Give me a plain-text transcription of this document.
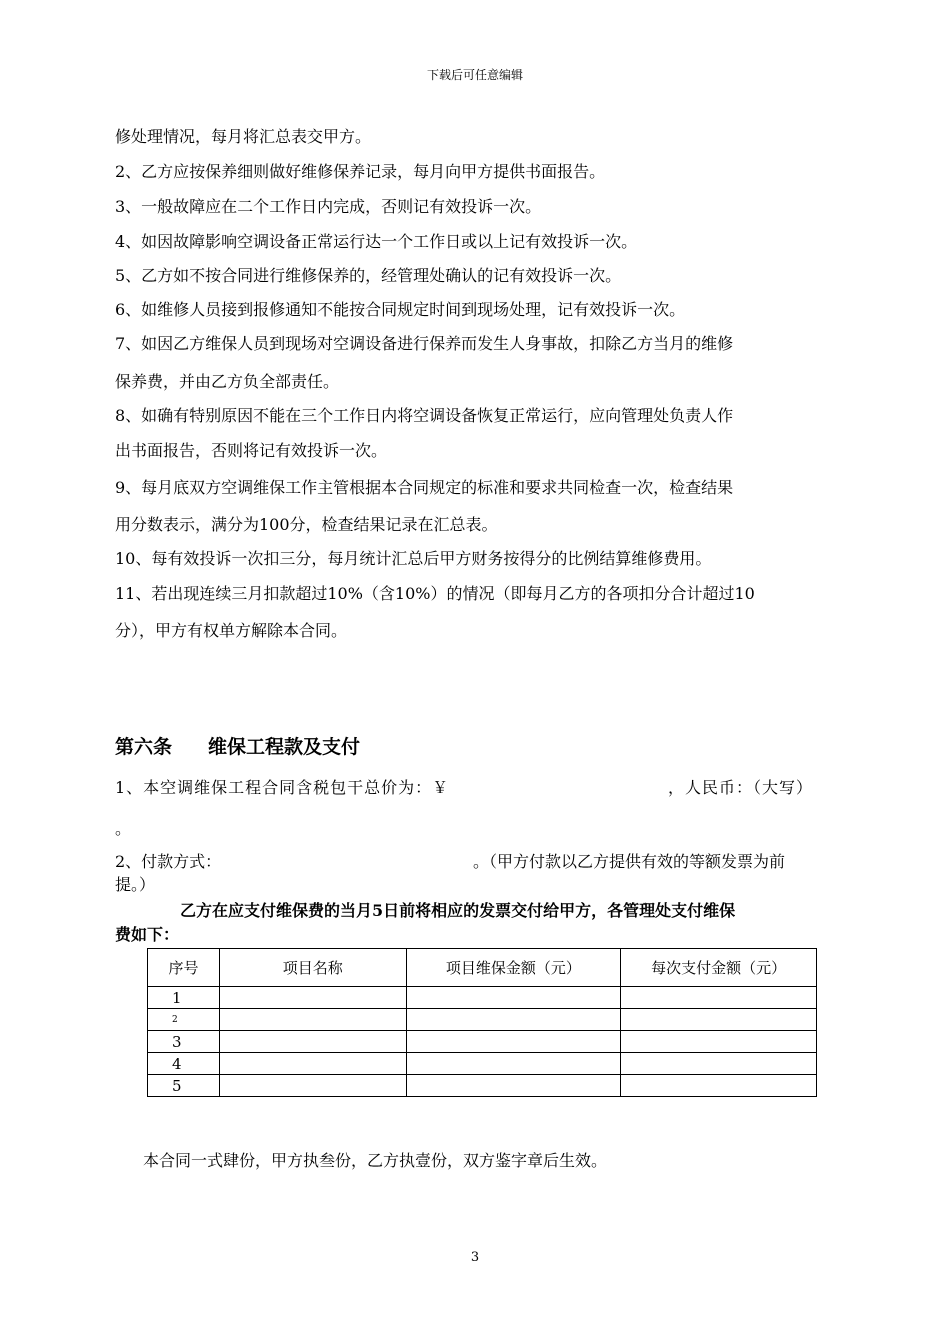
下载后可任意编辑

修处理情况，每月将汇总表交甲方。

2、乙方应按保养细则做好维修保养记录，每月向甲方提供书面报告。

3、一般故障应在二个工作日内完成，否则记有效投诉一次。

4、如因故障影响空调设备正常运行达一个工作日或以上记有效投诉一次。

5、乙方如不按合同进行维修保养的，经管理处确认的记有效投诉一次。

6、如维修人员接到报修通知不能按合同规定时间到现场处理，记有效投诉一次。

7、如因乙方维保人员到现场对空调设备进行保养而发生人身事故，扣除乙方当月的维修

保养费，并由乙方负全部责任。

8、如确有特别原因不能在三个工作日内将空调设备恢复正常运行，应向管理处负责人作

出书面报告，否则将记有效投诉一次。

9、每月底双方空调维保工作主管根据本合同规定的标准和要求共同检查一次，检查结果

用分数表示，满分为100分，检查结果记录在汇总表。

10、每有效投诉一次扣三分，每月统计汇总后甲方财务按得分的比例结算维修费用。

11、若出现连续三月扣款超过10%（含10%）的情况（即每月乙方的各项扣分合计超过10

分），甲方有权单方解除本合同。

第六条 维保工程款及支付

1、本空调维保工程合同含税包干总价为：￥	，人民币：（大写）

。

2、付款方式：	。（甲方付款以乙方提供有效的等额发票为前

提。）

乙方在应支付维保费的当月5日前将相应的发票交付给甲方，各管理处支付维保

费如下：

序号	项目名称	项目维保金额（元）	每次支付金额（元）
1			
2			
3			
4			
5			

本合同一式肆份，甲方执叁份，乙方执壹份，双方鉴字章后生效。

3
